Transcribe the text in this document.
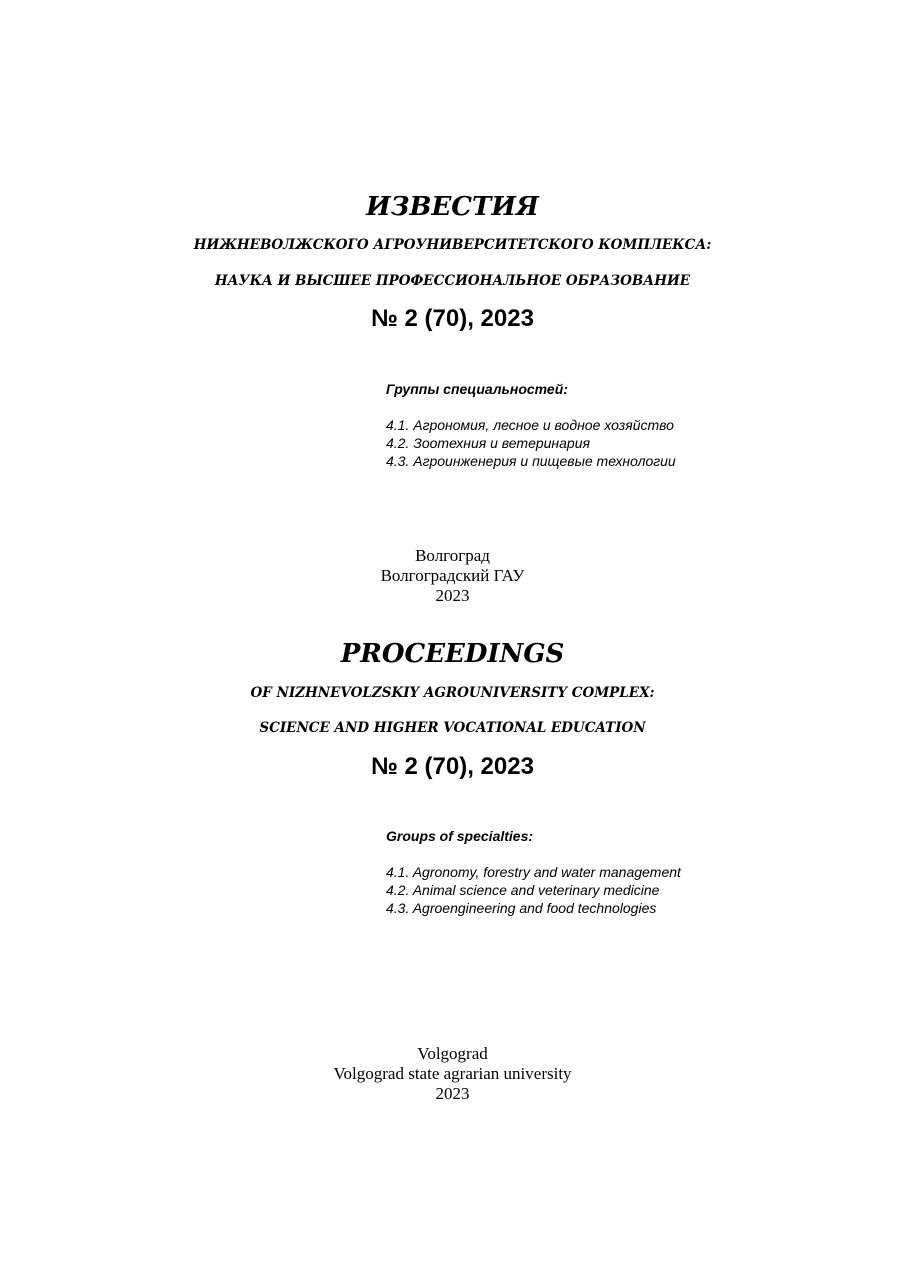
ИЗВЕСТИЯ
НИЖНЕВОЛЖСКОГО АГРОУНИВЕРСИТЕТСКОГО КОМПЛЕКСА:
НАУКА И ВЫСШЕЕ ПРОФЕССИОНАЛЬНОЕ ОБРАЗОВАНИЕ
№ 2 (70), 2023
Группы специальностей:
4.1. Агрономия, лесное и водное хозяйство
4.2. Зоотехния и ветеринария
4.3. Агроинженерия и пищевые технологии
Волгоград
Волгоградский ГАУ
2023
PROCEEDINGS
OF NIZHNEVOLZSKIY AGROUNIVERSITY COMPLEX:
SCIENCE AND HIGHER VOCATIONAL EDUCATION
№ 2 (70), 2023
Groups of specialties:
4.1. Agronomy, forestry and water management
4.2. Animal science and veterinary medicine
4.3. Agroengineering and food technologies
Volgograd
Volgograd state agrarian university
2023
